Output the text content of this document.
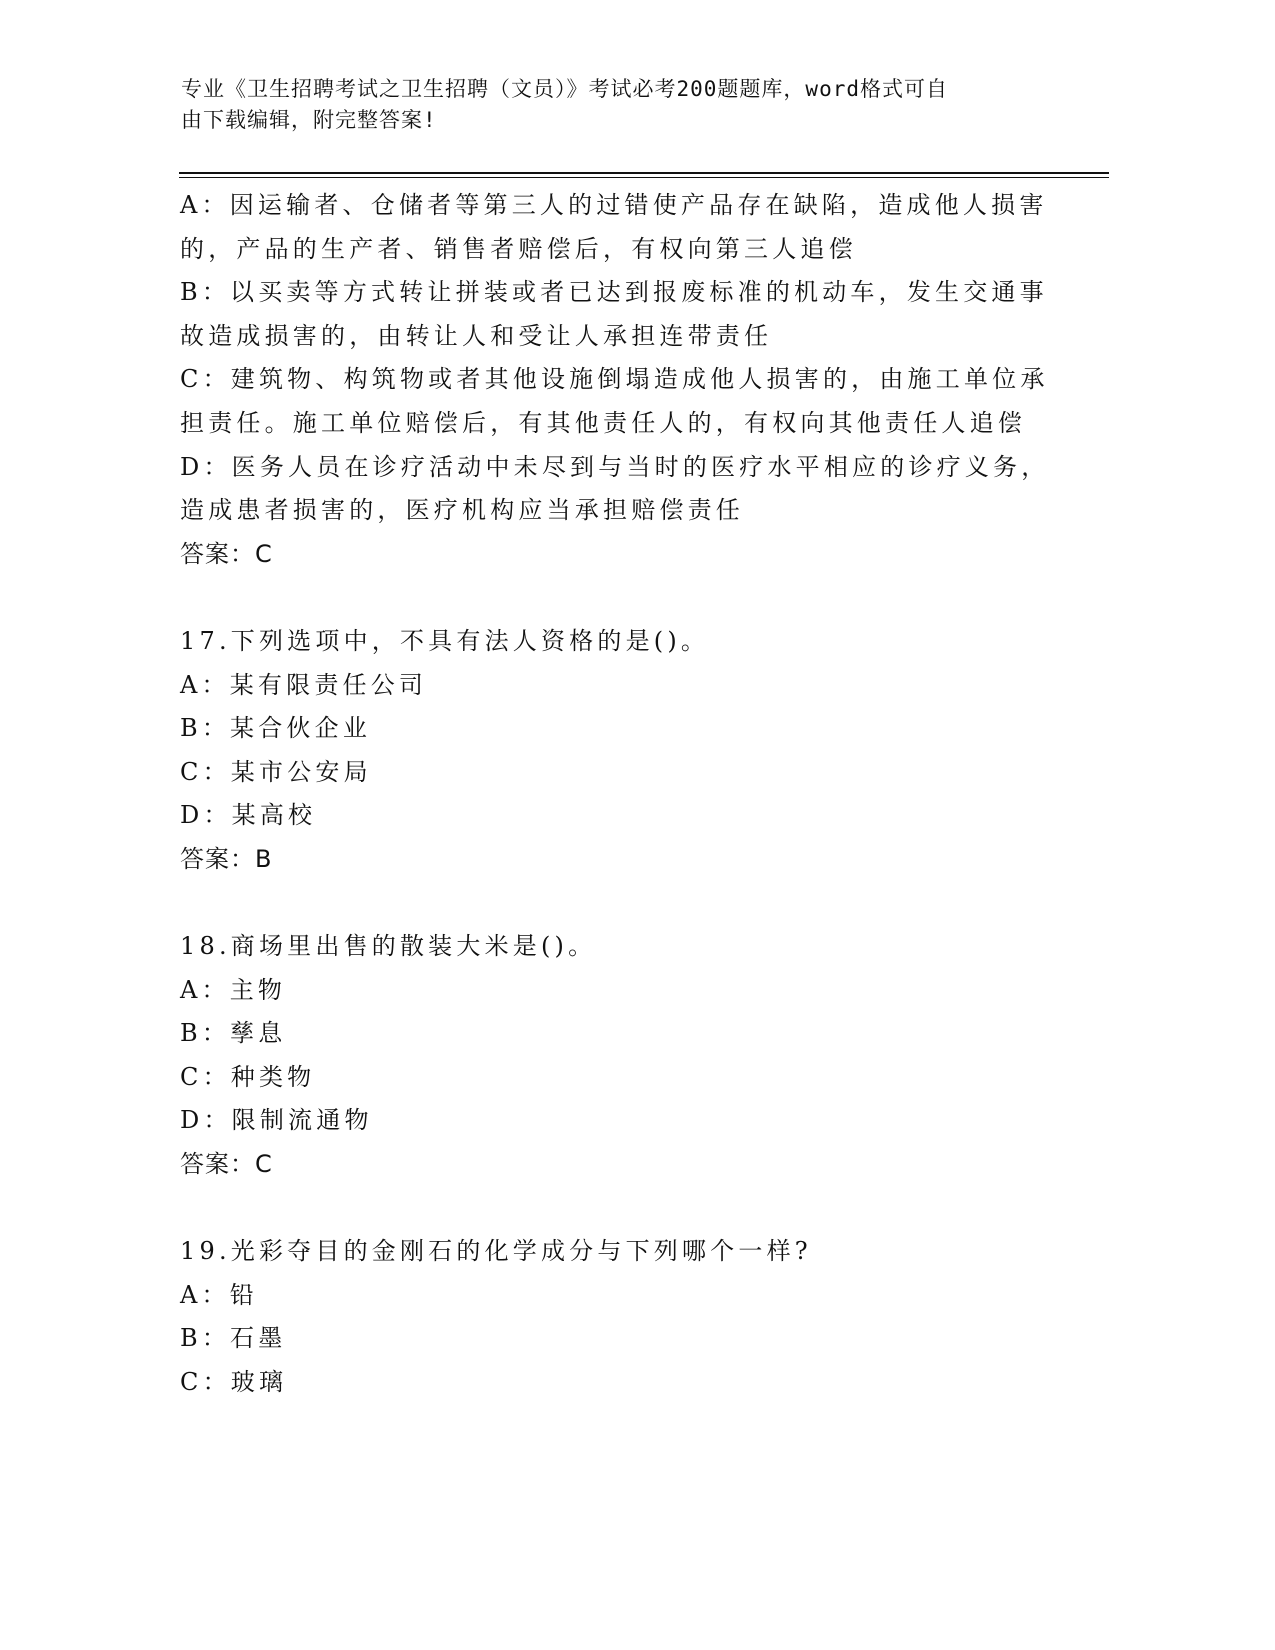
专业《卫生招聘考试之卫生招聘（文员）》考试必考200题题库，word格式可自
由下载编辑，附完整答案!

A：因运输者、仓储者等第三人的过错使产品存在缺陷，造成他人损害

的，产品的生产者、销售者赔偿后，有权向第三人追偿

B：以买卖等方式转让拼装或者已达到报废标准的机动车，发生交通事

故造成损害的，由转让人和受让人承担连带责任

C：建筑物、构筑物或者其他设施倒塌造成他人损害的，由施工单位承

担责任。施工单位赔偿后，有其他责任人的，有权向其他责任人追偿

D：医务人员在诊疗活动中未尽到与当时的医疗水平相应的诊疗义务，

造成患者损害的，医疗机构应当承担赔偿责任

答案：C

17.下列选项中，不具有法人资格的是()。

A：某有限责任公司

B：某合伙企业

C：某市公安局

D：某高校

答案：B

18.商场里出售的散装大米是()。

A：主物

B：孳息

C：种类物

D：限制流通物

答案：C

19.光彩夺目的金刚石的化学成分与下列哪个一样?

A：铅

B：石墨

C：玻璃
